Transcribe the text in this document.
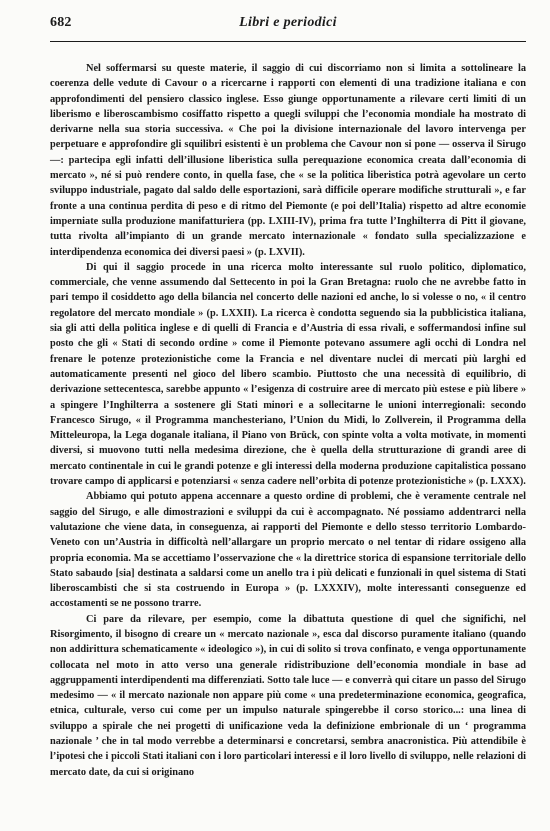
682	Libri e periodici

Nel soffermarsi su queste materie, il saggio di cui discorriamo non si limita a sottolineare la coerenza delle vedute di Cavour o a ricercarne i rapporti con elementi di una tradizione italiana e con approfondimenti del pensiero classico inglese. Esso giunge opportunamente a rilevare certi limiti di un liberismo e liberoscambismo cosiffatto rispetto a quegli sviluppi che l’economia mondiale ha mostrato di derivarne nella sua storia successiva. « Che poi la divisione internazionale del lavoro intervenga per perpetuare e approfondire gli squilibri esistenti è un problema che Cavour non si pone — osserva il Sirugo —: partecipa egli infatti dell’illusione liberistica sulla perequazione economica creata dall’economia di mercato », né si può rendere conto, in quella fase, che « se la politica liberistica potrà agevolare un certo sviluppo industriale, pagato dal saldo delle esportazioni, sarà difficile operare modifiche strutturali », e far fronte a una continua perdita di peso e di ritmo del Piemonte (e poi dell’Italia) rispetto ad altre economie imperniate sulla produzione manifatturiera (pp. LXIII-IV), prima fra tutte l’Inghilterra di Pitt il giovane, tutta rivolta all’impianto di un grande mercato internazionale « fondato sulla specializzazione e interdipendenza economica dei diversi paesi » (p. LXVII).

Di qui il saggio procede in una ricerca molto interessante sul ruolo politico, diplomatico, commerciale, che venne assumendo dal Settecento in poi la Gran Bretagna: ruolo che ne avrebbe fatto in pari tempo il cosiddetto ago della bilancia nel concerto delle nazioni ed anche, lo si volesse o no, « il centro regolatore del mercato mondiale » (p. LXXII). La ricerca è condotta seguendo sia la pubblicistica italiana, sia gli atti della politica inglese e di quelli di Francia e d’Austria di essa rivali, e soffermandosi infine sul posto che gli « Stati di secondo ordine » come il Piemonte potevano assumere agli occhi di Londra nel frenare le potenze protezionistiche come la Francia e nel diventare nuclei di mercati più larghi ed automaticamente presenti nel gioco del libero scambio. Piuttosto che una necessità di equilibrio, di derivazione settecentesca, sarebbe appunto « l’esigenza di costruire aree di mercato più estese e più libere » a spingere l’Inghilterra a sostenere gli Stati minori e a sollecitarne le unioni interregionali: secondo Francesco Sirugo, « il Programma manchesteriano, l’Union du Midi, lo Zollverein, il Programma della Mitteleuropa, la Lega doganale italiana, il Piano von Brück, con spinte volta a volta motivate, in momenti diversi, si muovono tutti nella medesima direzione, che è quella della strutturazione di grandi aree di mercato continentale in cui le grandi potenze e gli interessi della moderna produzione capitalistica possano trovare campo di applicarsi e potenziarsi « senza cadere nell’orbita di potenze protezionistiche » (p. LXXX).

Abbiamo qui potuto appena accennare a questo ordine di problemi, che è veramente centrale nel saggio del Sirugo, e alle dimostrazioni e sviluppi da cui è accompagnato. Né possiamo addentrarci nella valutazione che viene data, in conseguenza, ai rapporti del Piemonte e dello stesso territorio Lombardo-Veneto con un’Austria in difficoltà nell’allargare un proprio mercato o nel tentar di ridare ossigeno alla propria economia. Ma se accettiamo l’osservazione che « la direttrice storica di espansione territoriale dello Stato sabaudo [sia] destinata a saldarsi come un anello tra i più delicati e funzionali in quel sistema di Stati liberoscambisti che si sta costruendo in Europa » (p. LXXXIV), molte interessanti conseguenze ed accostamenti se ne possono trarre.

Ci pare da rilevare, per esempio, come la dibattuta questione di quel che significhi, nel Risorgimento, il bisogno di creare un « mercato nazionale », esca dal discorso puramente italiano (quando non addirittura schematicamente « ideologico »), in cui di solito si trova confinato, e venga opportunamente collocata nel moto in atto verso una generale ridistribuzione dell’economia mondiale in base ad aggruppamenti interdipendenti ma differenziati. Sotto tale luce — e converrà qui citare un passo del Sirugo medesimo — « il mercato nazionale non appare più come « una predeterminazione economica, geografica, etnica, culturale, verso cui come per un impulso naturale spingerebbe il corso storico...: una linea di sviluppo a spirale che nei progetti di unificazione veda la definizione embrionale di un ‘ programma nazionale ’ che in tal modo verrebbe a determinarsi e concretarsi, sembra anacronistica. Più attendibile è l’ipotesi che i piccoli Stati italiani con i loro particolari interessi e il loro livello di sviluppo, nelle relazioni di mercato date, da cui si originano
